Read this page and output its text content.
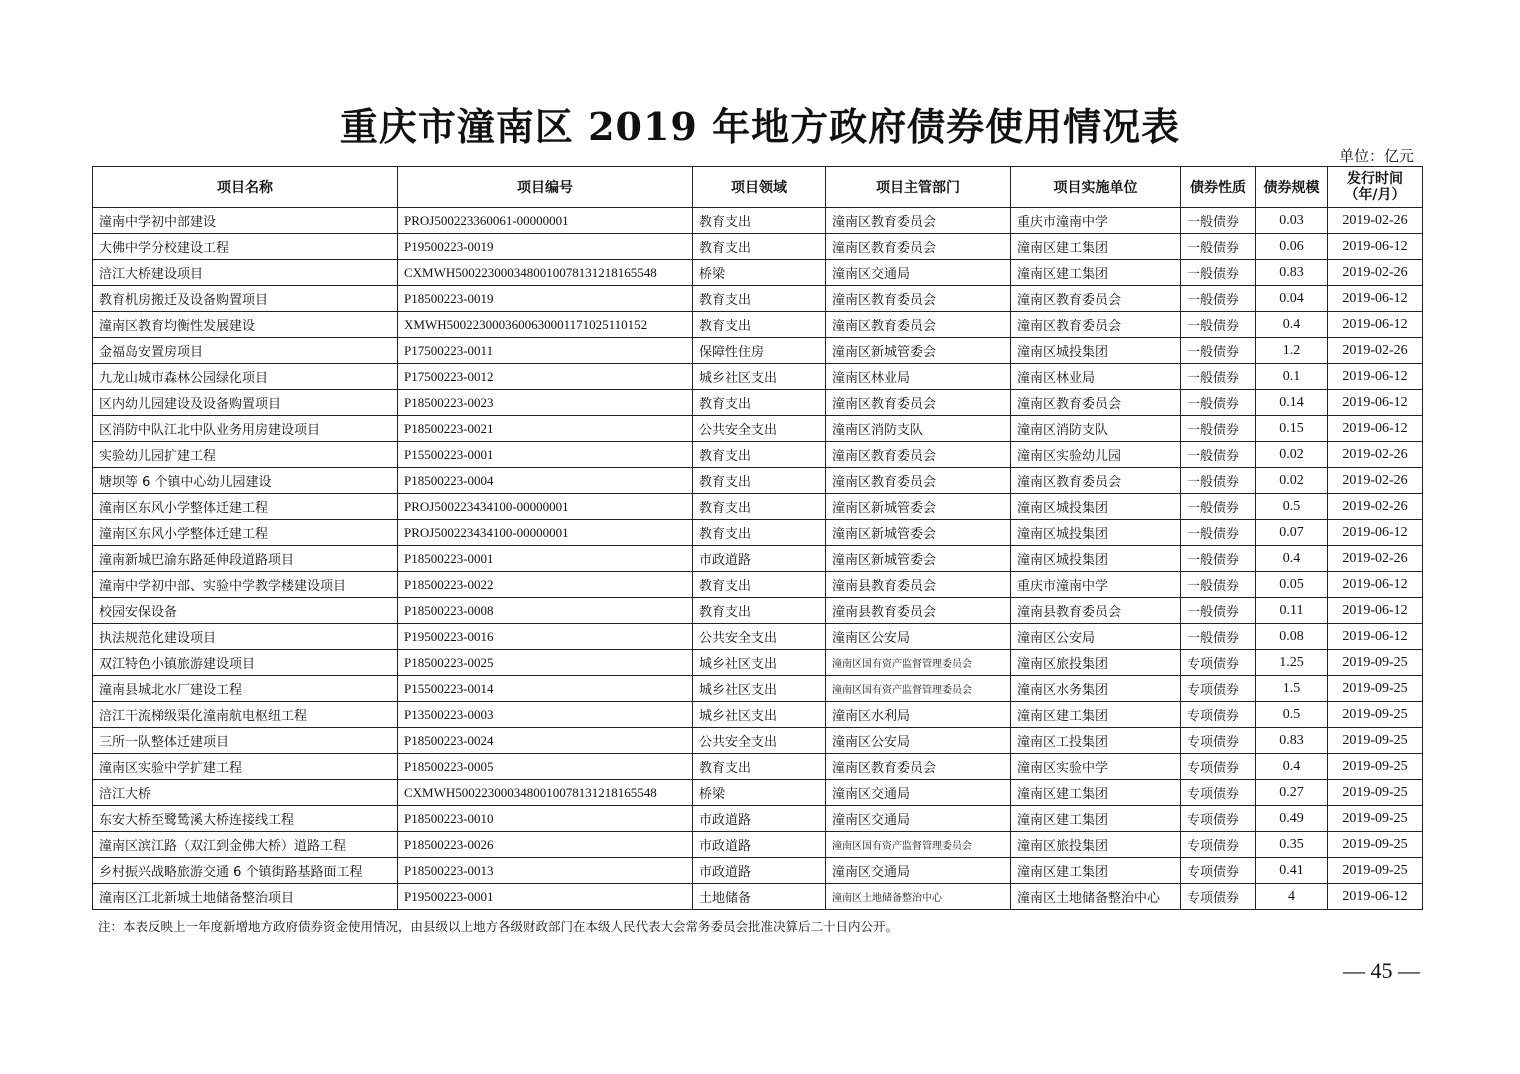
重庆市潼南区 2019 年地方政府债券使用情况表
单位：亿元
项目名称	项目编号	项目领域	项目主管部门	项目实施单位	债券性质	债券规模	发行时间
（年/月）
潼南中学初中部建设	PROJ500223360061-00000001	教育支出	潼南区教育委员会	重庆市潼南中学	一般债券	0.03	2019-02-26
大佛中学分校建设工程	P19500223-0019	教育支出	潼南区教育委员会	潼南区建工集团	一般债券	0.06	2019-06-12
涪江大桥建设项目	CXMWH50022300034800100781312181655​48	桥梁	潼南区交通局	潼南区建工集团	一般债券	0.83	2019-02-26
教育机房搬迁及设备购置项目	P18500223-0019	教育支出	潼南区教育委员会	潼南区教育委员会	一般债券	0.04	2019-06-12
潼南区教育均衡性发展建设	XMWH500223000360063000117102511015​2	教育支出	潼南区教育委员会	潼南区教育委员会	一般债券	0.4	2019-06-12
金福岛安置房项目	P17500223-0011	保障性住房	潼南区新城管委会	潼南区城投集团	一般债券	1.2	2019-02-26
九龙山城市森林公园绿化项目	P17500223-0012	城乡社区支出	潼南区林业局	潼南区林业局	一般债券	0.1	2019-06-12
区内幼儿园建设及设备购置项目	P18500223-0023	教育支出	潼南区教育委员会	潼南区教育委员会	一般债券	0.14	2019-06-12
区消防中队江北中队业务用房建设项目	P18500223-0021	公共安全支出	潼南区消防支队	潼南区消防支队	一般债券	0.15	2019-06-12
实验幼儿园扩建工程	P15500223-0001	教育支出	潼南区教育委员会	潼南区实验幼儿园	一般债券	0.02	2019-02-26
塘坝等 6 个镇中心幼儿园建设	P18500223-0004	教育支出	潼南区教育委员会	潼南区教育委员会	一般债券	0.02	2019-02-26
潼南区东风小学整体迁建工程	PROJ500223434100-00000001	教育支出	潼南区新城管委会	潼南区城投集团	一般债券	0.5	2019-02-26
潼南区东风小学整体迁建工程	PROJ500223434100-00000001	教育支出	潼南区新城管委会	潼南区城投集团	一般债券	0.07	2019-06-12
潼南新城巴渝东路延伸段道路项目	P18500223-0001	市政道路	潼南区新城管委会	潼南区城投集团	一般债券	0.4	2019-02-26
潼南中学初中部、实验中学教学楼建设项目	P18500223-0022	教育支出	潼南县教育委员会	重庆市潼南中学	一般债券	0.05	2019-06-12
校园安保设备	P18500223-0008	教育支出	潼南县教育委员会	潼南县教育委员会	一般债券	0.11	2019-06-12
执法规范化建设项目	P19500223-0016	公共安全支出	潼南区公安局	潼南区公安局	一般债券	0.08	2019-06-12
双江特色小镇旅游建设项目	P18500223-0025	城乡社区支出	潼南区国有资产监督管理委员会	潼南区旅投集团	专项债券	1.25	2019-09-25
潼南县城北水厂建设工程	P15500223-0014	城乡社区支出	潼南区国有资产监督管理委员会	潼南区水务集团	专项债券	1.5	2019-09-25
涪江干流梯级渠化潼南航电枢纽工程	P13500223-0003	城乡社区支出	潼南区水利局	潼南区建工集团	专项债券	0.5	2019-09-25
三所一队整体迁建项目	P18500223-0024	公共安全支出	潼南区公安局	潼南区工投集团	专项债券	0.83	2019-09-25
潼南区实验中学扩建工程	P18500223-0005	教育支出	潼南区教育委员会	潼南区实验中学	专项债券	0.4	2019-09-25
涪江大桥	CXMWH50022300034800100781312181655​48	桥梁	潼南区交通局	潼南区建工集团	专项债券	0.27	2019-09-25
东安大桥至鹭鸶溪大桥连接线工程	P18500223-0010	市政道路	潼南区交通局	潼南区建工集团	专项债券	0.49	2019-09-25
潼南区滨江路（双江到金佛大桥）道路工程	P18500223-0026	市政道路	潼南区国有资产监督管理委员会	潼南区旅投集团	专项债券	0.35	2019-09-25
乡村振兴战略旅游交通 6 个镇街路基路面工程	P18500223-0013	市政道路	潼南区交通局	潼南区建工集团	专项债券	0.41	2019-09-25
潼南区江北新城土地储备整治项目	P19500223-0001	土地储备	潼南区土地储备整治中心	潼南区土地储备整治中心	专项债券	4	2019-06-12
注：本表反映上一年度新增地方政府债券资金使用情况，由县级以上地方各级财政部门在本级人民代表大会常务委员会批准决算后二十日内公开。
— 45 —
